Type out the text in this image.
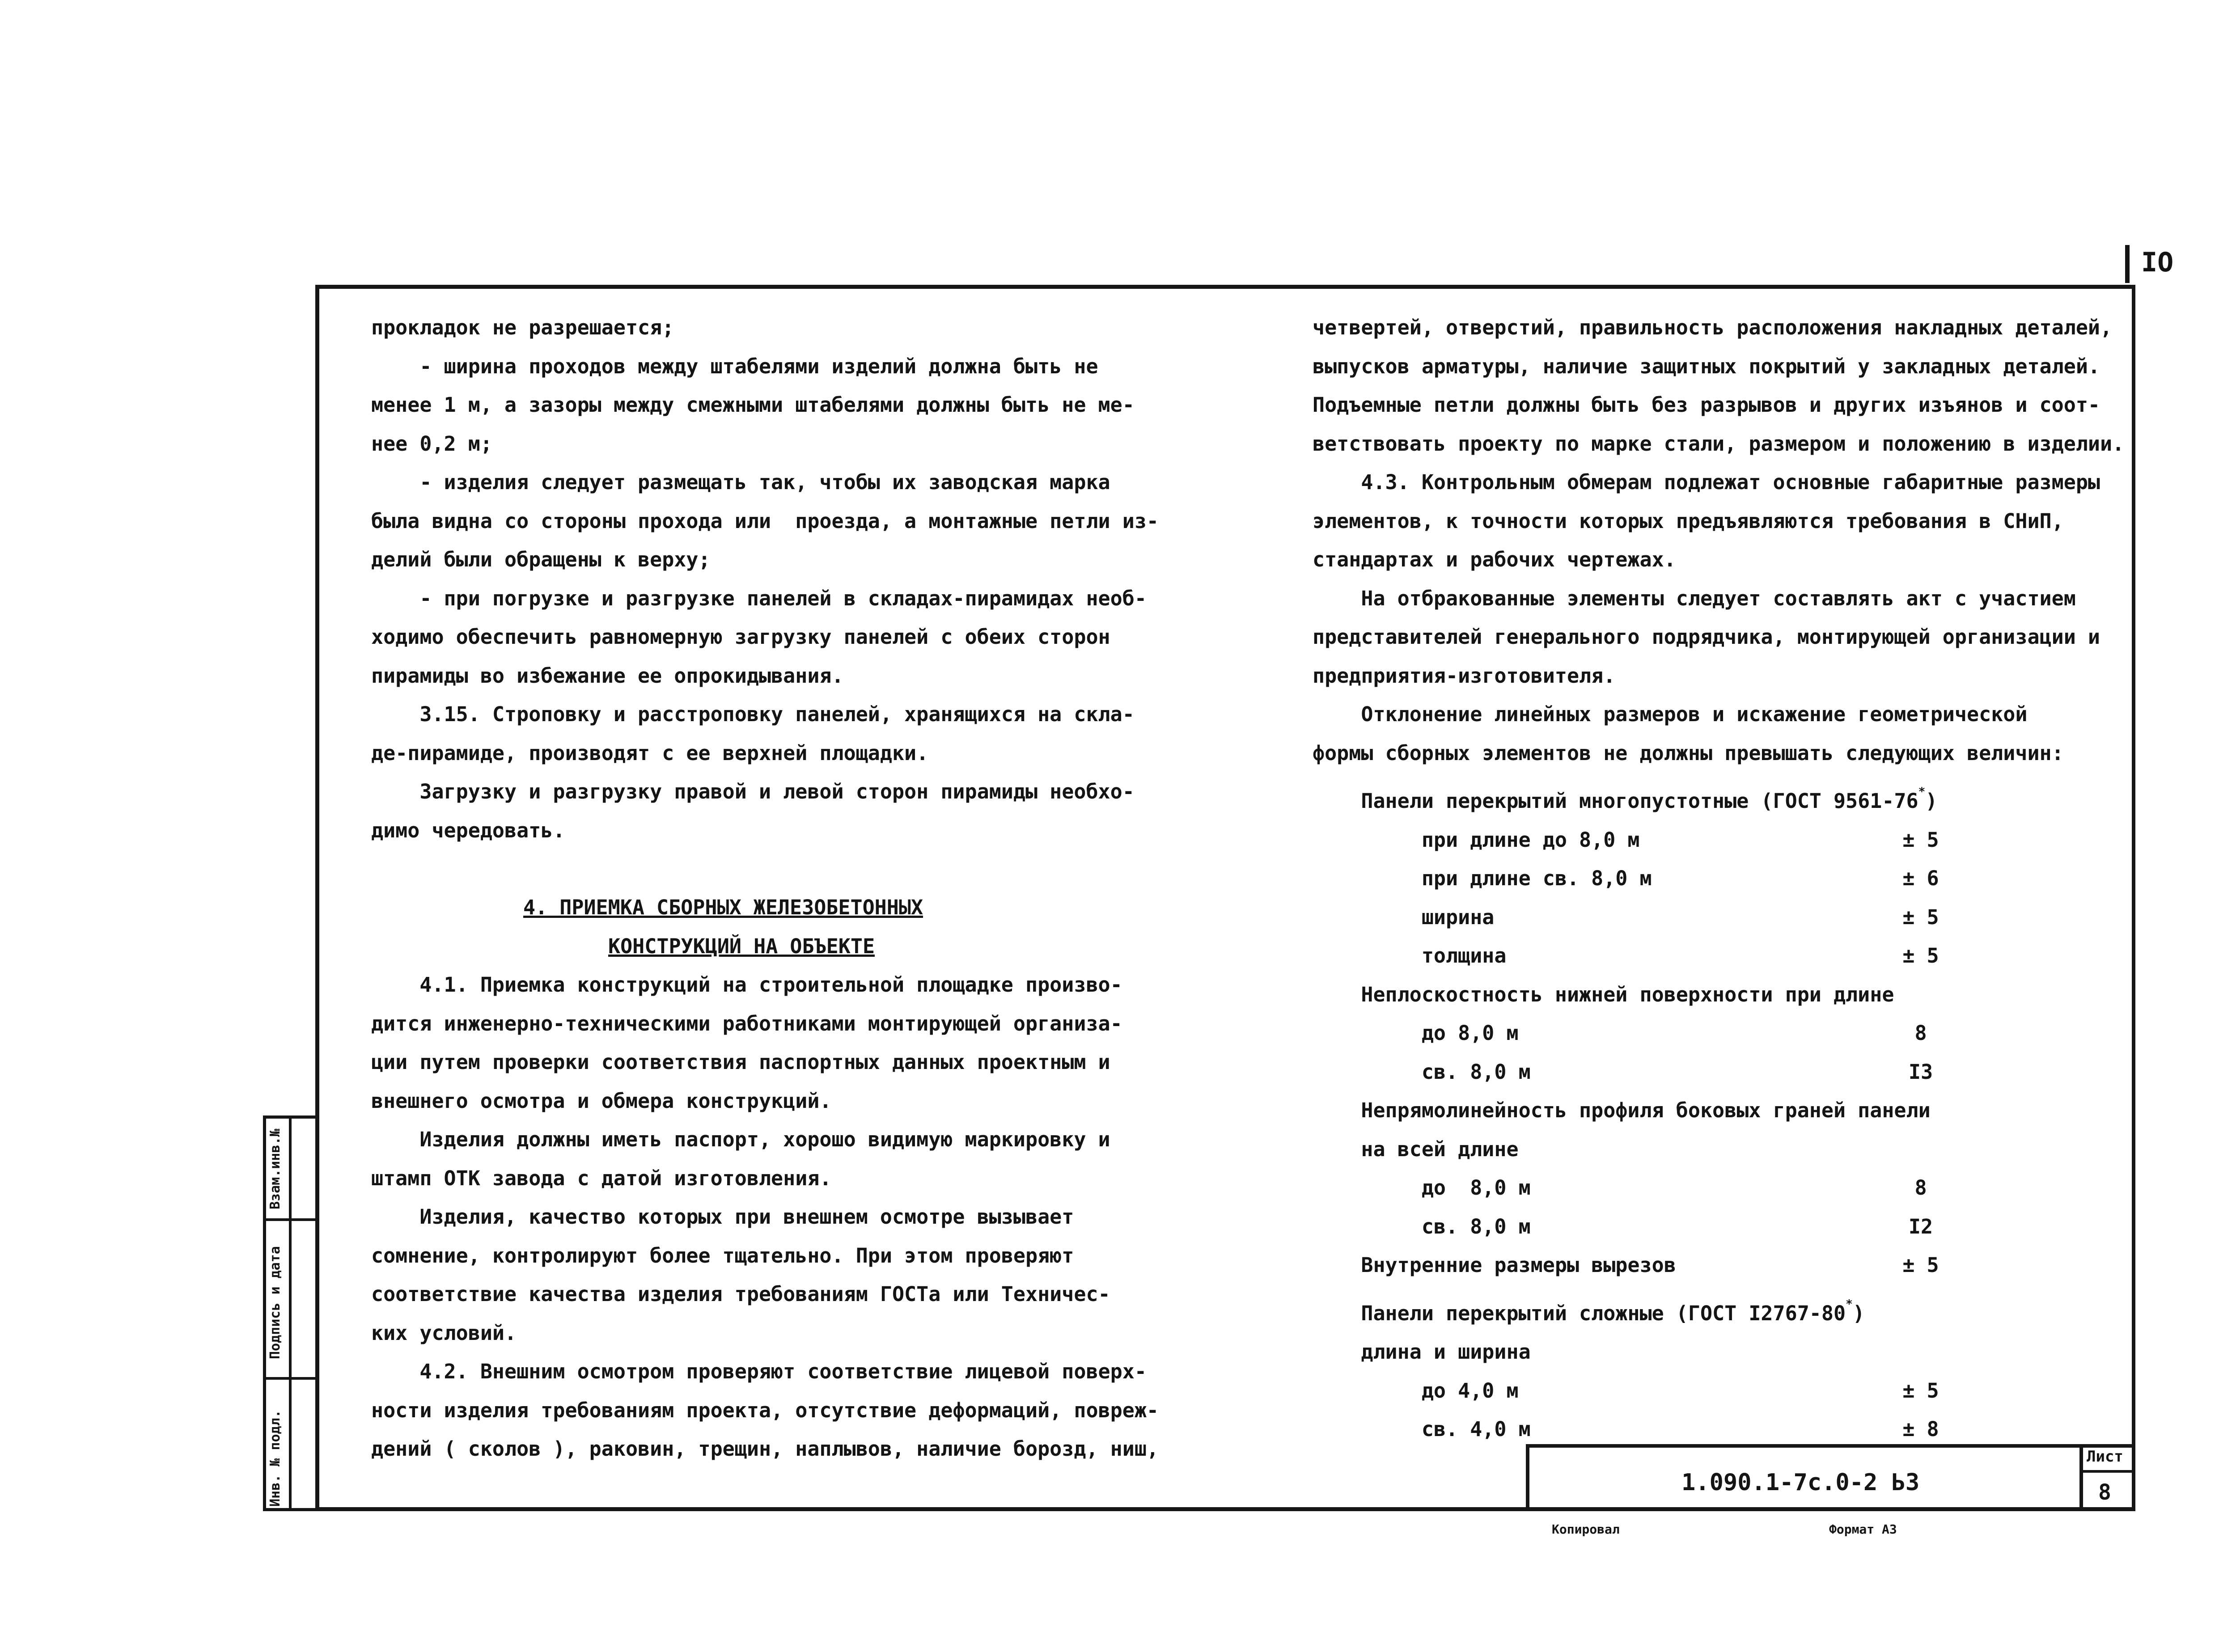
IO
Инв. № подл.
Подпись и дата
Взам.инв.№

прокладок не разрешается;

- ширина проходов между штабелями изделий должна быть не

менее 1 м, а зазоры между смежными штабелями должны быть не ме-

нее 0,2 м;

- изделия следует размещать так, чтобы их заводская марка

была видна со стороны прохода или  проезда, а монтажные петли из-

делий были обращены к верху;

- при погрузке и разгрузке панелей в складах-пирамидах необ-

ходимо обеспечить равномерную загрузку панелей с обеих сторон

пирамиды во избежание ее опрокидывания.

3.15. Строповку и расстроповку панелей, хранящихся на скла-

де-пирамиде, производят с ее верхней площадки.

Загрузку и разгрузку правой и левой сторон пирамиды необхо-

димо чередовать.

4. ПРИЕМКА СБОРНЫХ ЖЕЛЕЗОБЕТОННЫХ

КОНСТРУКЦИЙ НА ОБЪЕКТЕ

4.1. Приемка конструкций на строительной площадке произво-

дится инженерно-техническими работниками монтирующей организа-

ции путем проверки соответствия паспортных данных проектным и

внешнего осмотра и обмера конструкций.

Изделия должны иметь паспорт, хорошо видимую маркировку и

штамп ОТК завода с датой изготовления.

Изделия, качество которых при внешнем осмотре вызывает

сомнение, контролируют более тщательно. При этом проверяют

соответствие качества изделия требованиям ГОСТа или Техничес-

ких условий.

4.2. Внешним осмотром проверяют соответствие лицевой поверх-

ности изделия требованиям проекта, отсутствие деформаций, повреж-

дений ( сколов ), раковин, трещин, наплывов, наличие борозд, ниш,

четвертей, отверстий, правильность расположения накладных деталей,

выпусков арматуры, наличие защитных покрытий у закладных деталей.

Подъемные петли должны быть без разрывов и других изъянов и соот-

ветствовать проекту по марке стали, размером и положению в изделии.

4.3. Контрольным обмерам подлежат основные габаритные размеры

элементов, к точности которых предъявляются требования в СНиП,

стандартах и рабочих чертежах.

На отбракованные элементы следует составлять акт с участием

представителей генерального подрядчика, монтирующей организации и

предприятия-изготовителя.

Отклонение линейных размеров и искажение геометрической

формы сборных элементов не должны превышать следующих величин:

Панели перекрытий многопустотные (ГОСТ 9561-76*)
при длине до 8,0 м	± 5
при длине св. 8,0 м	± 6
ширина	± 5
толщина	± 5
Неплоскостность нижней поверхности при длине
до 8,0 м	8
св. 8,0 м	I3
Непрямолинейность профиля боковых граней панели
на всей длине
до  8,0 м	8
св. 8,0 м	I2
Внутренние размеры вырезов	± 5
Панели перекрытий сложные (ГОСТ I2767-80*)
длина и ширина
до 4,0 м	± 5
св. 4,0 м	± 8
1.090.1-7с.0-2 ЬЗ
Лист
8
Копировал	Формат А3
